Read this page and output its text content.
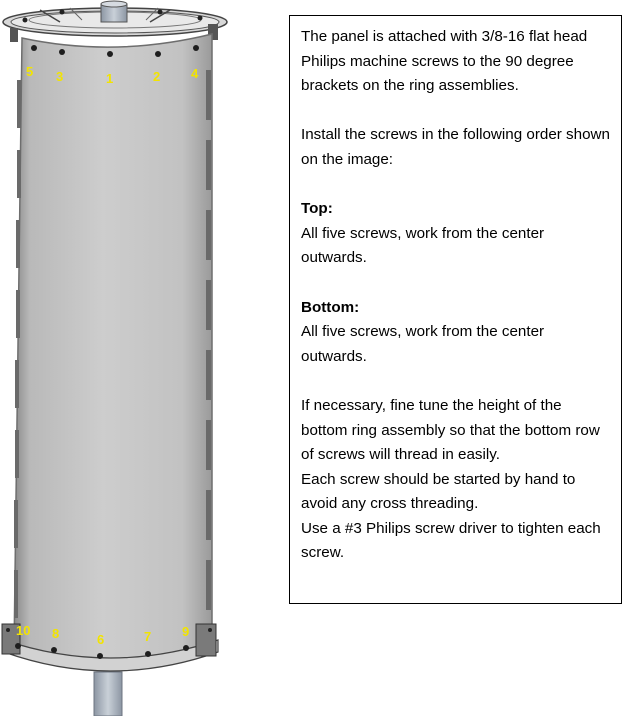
5 3	1	2 4
10 8	6	7 9

The panel is attached with 3/8-16 flat head Philips machine screws to the 90 degree brackets on the ring assemblies.

Install the screws in the following order shown on the image:

Top:
All five screws, work from the center outwards.

Bottom:
All five screws, work from the center outwards.

If necessary, fine tune the height of the bottom ring assembly so that the bottom row of screws will thread in easily.

Each screw should be started by hand to avoid any cross threading.

Use a #3 Philips screw driver to tighten each screw.
